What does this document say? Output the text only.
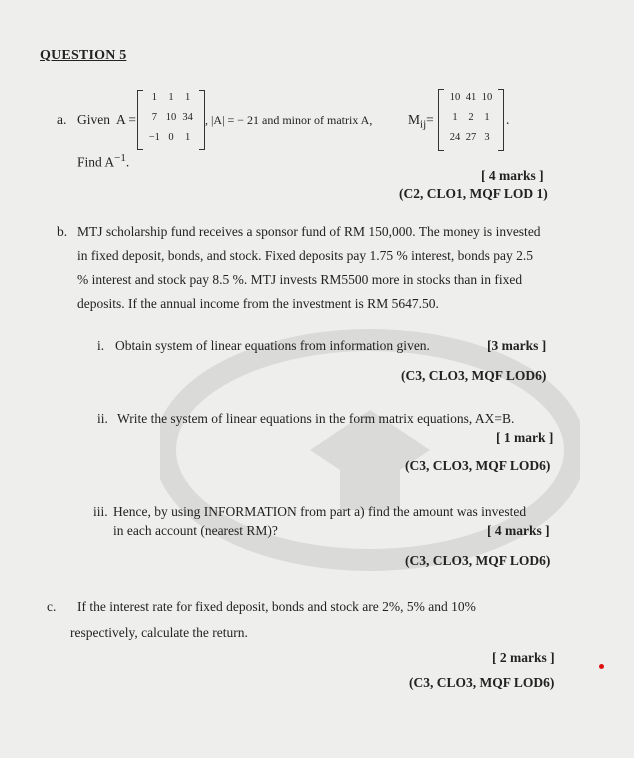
QUESTION 5
a. Given A =
1	1	1
7 10 34
−1 0	1
, |A| = − 21 and minor of matrix A,	$M_{ij}=$
10 41 10
1	2	1
24 27 3
.
Find $A^{-1}$.
[ 4 marks ]
(C2, CLO1, MQF LOD 1)
b. MTJ scholarship fund receives a sponsor fund of RM 150,000. The money is invested
in fixed deposit, bonds, and stock. Fixed deposits pay 1.75 % interest, bonds pay 2.5
% interest and stock pay 8.5 %. MTJ invests RM5500 more in stocks than in fixed
deposits. If the annual income from the investment is RM 5647.50.
i. Obtain system of linear equations from information given.	[3 marks ]
(C3, CLO3, MQF LOD6)
ii. Write the system of linear equations in the form matrix equations, AX=B.
[ 1 mark ]
(C3, CLO3, MQF LOD6)
iii. Hence, by using INFORMATION from part a) find the amount was invested
in each account (nearest RM)?	[ 4 marks ]
(C3, CLO3, MQF LOD6)
c. If the interest rate for fixed deposit, bonds and stock are 2%, 5% and 10%
respectively, calculate the return.
[ 2 marks ]
(C3, CLO3, MQF LOD6)
